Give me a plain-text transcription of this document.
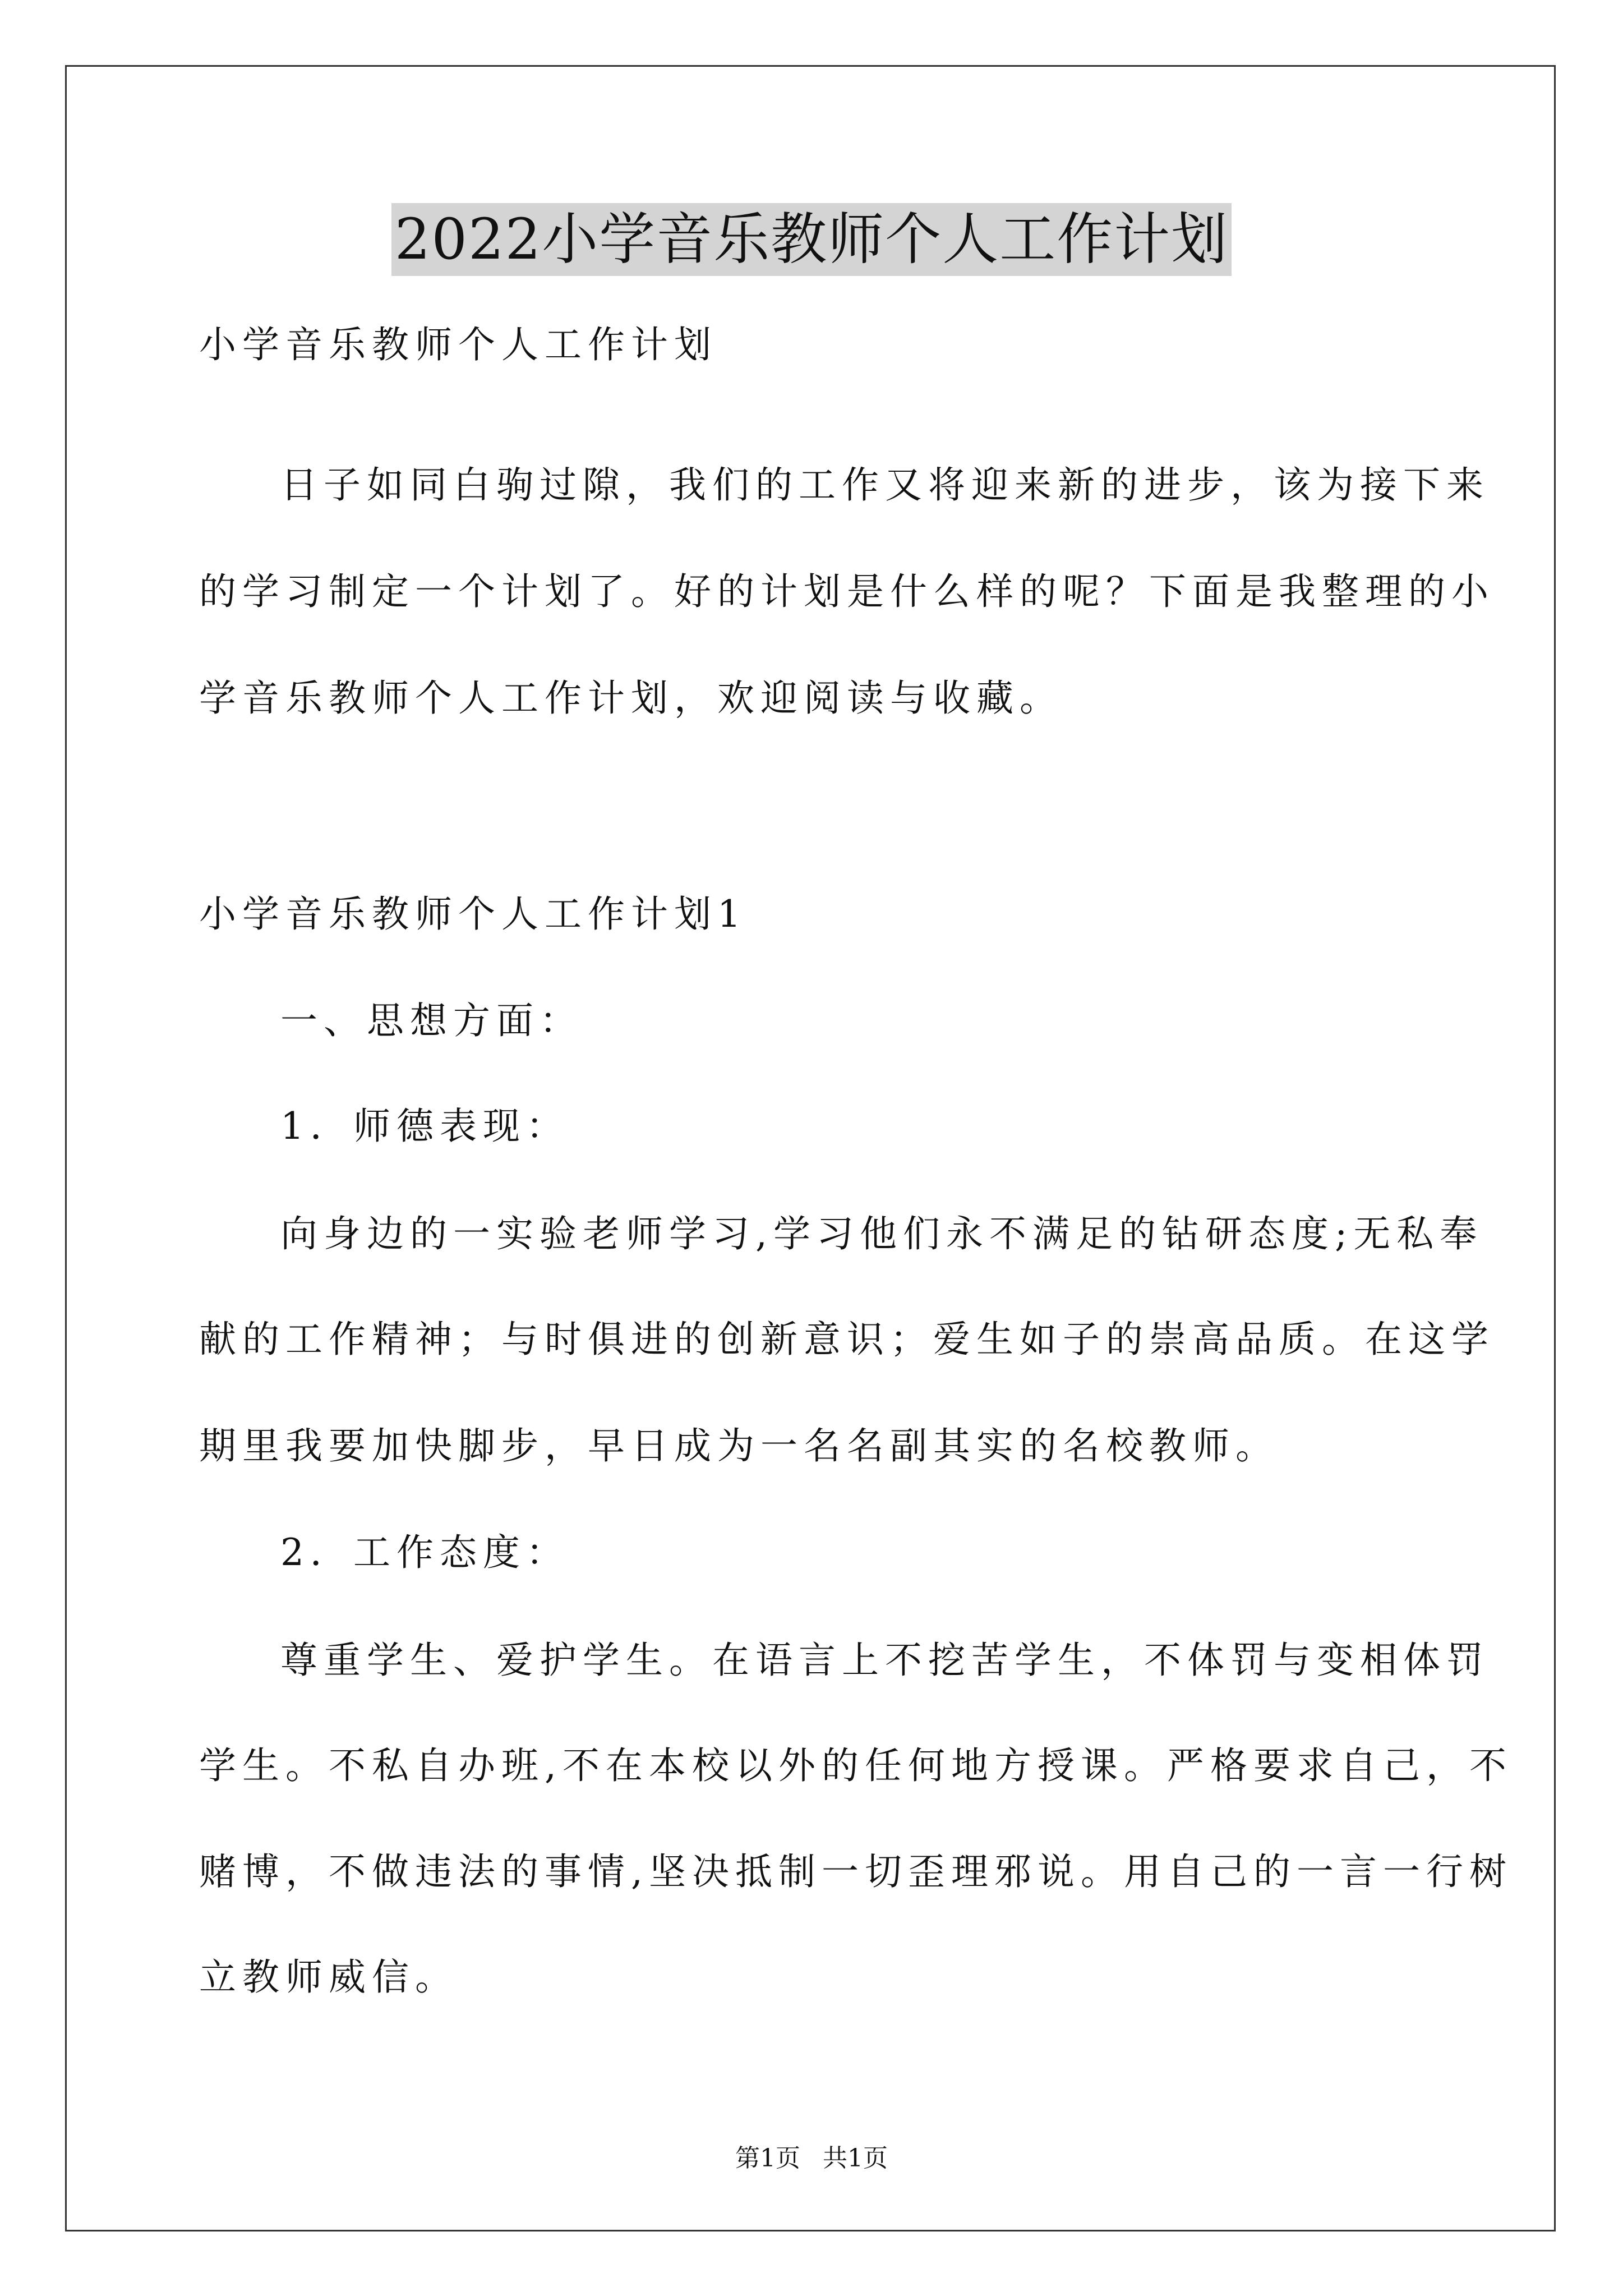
2022小学音乐教师个人工作计划
小学音乐教师个人工作计划
日子如同白驹过隙，我们的工作又将迎来新的进步，该为接下来
的学习制定一个计划了。好的计划是什么样的呢？下面是我整理的小
学音乐教师个人工作计划，欢迎阅读与收藏。
小学音乐教师个人工作计划1
一、思想方面：
1．师德表现：
向身边的一实验老师学习,学习他们永不满足的钻研态度;无私奉
献的工作精神；与时俱进的创新意识；爱生如子的崇高品质。在这学
期里我要加快脚步，早日成为一名名副其实的名校教师。
2．工作态度：
尊重学生、爱护学生。在语言上不挖苦学生，不体罚与变相体罚
学生。不私自办班,不在本校以外的任何地方授课。严格要求自己，不
赌博，不做违法的事情,坚决抵制一切歪理邪说。用自己的一言一行树
立教师威信。
第1页 共1页
